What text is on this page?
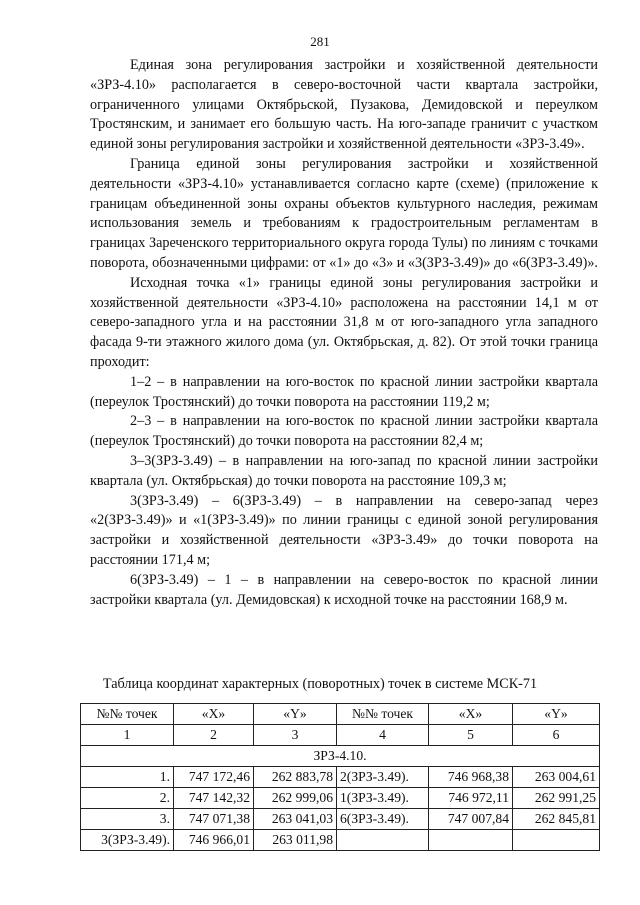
281

Единая зона регулирования застройки и хозяйственной деятельности «ЗРЗ-4.10» располагается в северо-восточной части квартала застройки, ограниченного улицами Октябрьской, Пузакова, Демидовской и переулком Тростянским, и занимает его большую часть. На юго-западе граничит с участком единой зоны регулирования застройки и хозяйственной деятельности «ЗРЗ-3.49».

Граница единой зоны регулирования застройки и хозяйственной деятельности «ЗРЗ-4.10» устанавливается согласно карте (схеме) (приложение к границам объединенной зоны охраны объектов культурного наследия, режимам использования земель и требованиям к градостроительным регламентам в границах Зареченского территориального округа города Тулы) по линиям с точками поворота, обозначенными цифрами: от «1» до «3» и «3(ЗРЗ-3.49)» до «6(ЗРЗ-3.49)».

Исходная точка «1» границы единой зоны регулирования застройки и хозяйственной деятельности «ЗРЗ-4.10» расположена на расстоянии 14,1 м от северо-западного угла и на расстоянии 31,8 м от юго-западного угла западного фасада 9-ти этажного жилого дома (ул. Октябрьская, д. 82). От этой точки граница проходит:

1–2 – в направлении на юго-восток по красной линии застройки квартала (переулок Тростянский) до точки поворота на расстоянии 119,2 м;

2–3 – в направлении на юго-восток по красной линии застройки квартала (переулок Тростянский) до точки поворота на расстоянии 82,4 м;

3–3(ЗРЗ-3.49) – в направлении на юго-запад по красной линии застройки квартала (ул. Октябрьская) до точки поворота на расстояние 109,3 м;

3(ЗРЗ-3.49) – 6(ЗРЗ-3.49) – в направлении на северо-запад через «2(ЗРЗ-3.49)» и «1(ЗРЗ-3.49)» по линии границы с единой зоной регулирования застройки и хозяйственной деятельности «ЗРЗ-3.49» до точки поворота на расстоянии 171,4 м;

6(ЗРЗ-3.49) – 1 – в направлении на северо-восток по красной линии застройки квартала (ул. Демидовская) к исходной точке на расстоянии 168,9 м.

Таблица координат характерных (поворотных) точек в системе МСК-71
№№ точек	«X»	«Y»	№№ точек	«X»	«Y»
1	2	3	4	5	6
ЗРЗ-4.10.					
1.	747 172,46	262 883,78	2(ЗРЗ-3.49).	746 968,38	263 004,61
2.	747 142,32	262 999,06	1(ЗРЗ-3.49).	746 972,11	262 991,25
3.	747 071,38	263 041,03	6(ЗРЗ-3.49).	747 007,84	262 845,81
3(ЗРЗ-3.49).	746 966,01	263 011,98			
